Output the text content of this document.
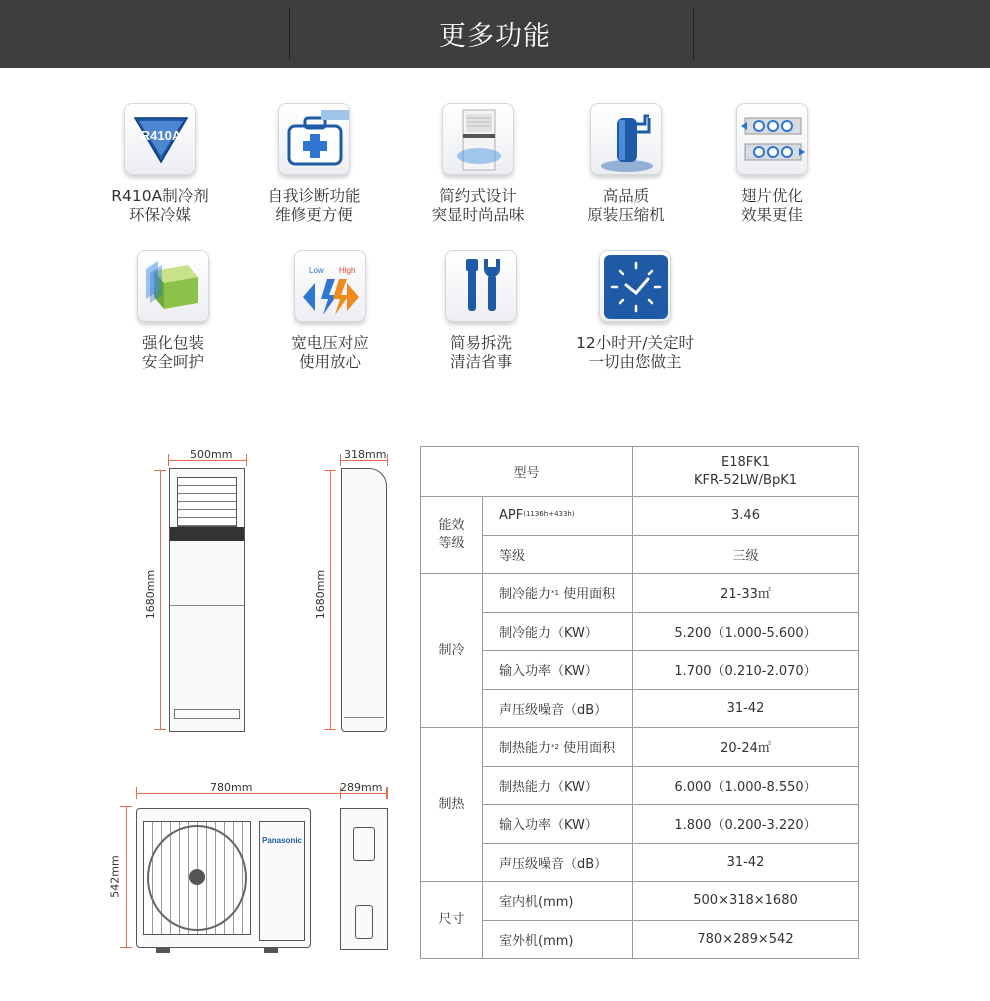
更多功能
R410A
R410A制冷剂
环保冷媒
自我诊断功能
维修更方便
简约式设计
突显时尚品味
高品质
原装压缩机
翅片优化
效果更佳
强化包装
安全呵护
Low High
宽电压对应
使用放心
简易拆洗
清洁省事
12小时开/关定时
一切由您做主
500mm
1680mm
318mm
1680mm
780mm
542mm
Panasonic
289mm
型号		E18FK1
KFR-52LW/BpK1

能效
等级	$APF^{(1136h+433h)}$	3.46
	等级	三级
制冷	制冷能力$^{*1}$ 使用面积	21-33㎡
	制冷能力（KW）	5.200（1.000-5.600）
	输入功率（KW）	1.700（0.210-2.070）
	声压级噪音（dB）	31-42
制热	制热能力$^{*2}$ 使用面积	20-24㎡
	制热能力（KW）	6.000（1.000-8.550）
	输入功率（KW）	1.800（0.200-3.220）
	声压级噪音（dB）	31-42
尺寸	室内机(mm)	500×318×1680
	室外机(mm)	780×289×542
